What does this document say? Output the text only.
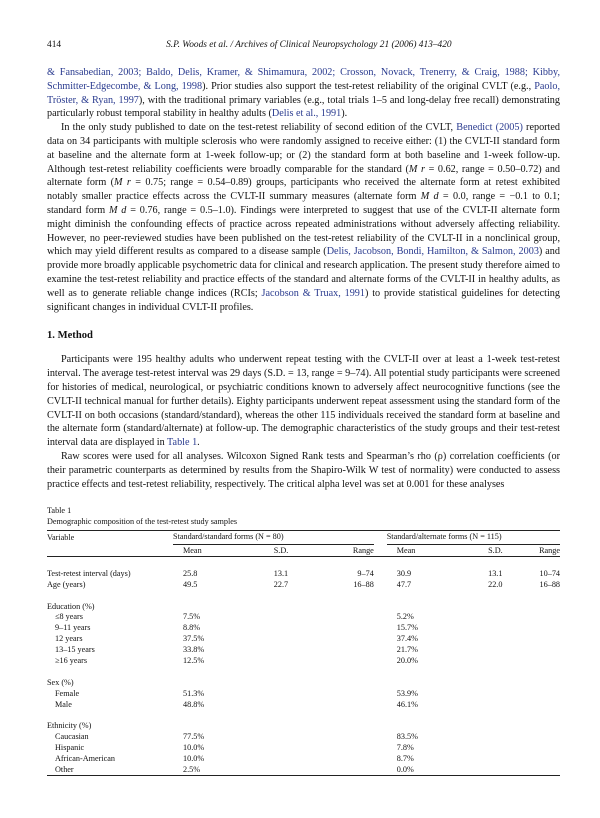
414	S.P. Woods et al. / Archives of Clinical Neuropsychology 21 (2006) 413–420

& Fansabedian, 2003; Baldo, Delis, Kramer, & Shimamura, 2002; Crosson, Novack, Trenerry, & Craig, 1988; Kibby, Schmitter-Edgecombe, & Long, 1998). Prior studies also support the test-retest reliability of the original CVLT (e.g., Paolo, Tröster, & Ryan, 1997), with the traditional primary variables (e.g., total trials 1–5 and long-delay free recall) demonstrating particularly robust temporal stability in healthy adults (Delis et al., 1991).

In the only study published to date on the test-retest reliability of second edition of the CVLT, Benedict (2005) reported data on 34 participants with multiple sclerosis who were randomly assigned to receive either: (1) the CVLT-II standard form at baseline and the alternate form at 1-week follow-up; or (2) the standard form at both baseline and 1-week follow-up. Although test-retest reliability coefficients were broadly comparable for the standard (M r = 0.62, range = 0.50–0.72) and alternate form (M r = 0.75; range = 0.54–0.89) groups, participants who received the alternate form at retest exhibited notably smaller practice effects across the CVLT-II summary measures (alternate form M d = 0.0, range = −0.1 to 0.1; standard form M d = 0.76, range = 0.5–1.0). Findings were interpreted to suggest that use of the CVLT-II alternate form might diminish the confounding effects of practice across repeated administrations without adversely affecting reliability. However, no peer-reviewed studies have been published on the test-retest reliability of the CVLT-II in a nonclinical group, which may yield different results as compared to a disease sample (Delis, Jacobson, Bondi, Hamilton, & Salmon, 2003) and provide more broadly applicable psychometric data for clinical and research application. The present study therefore aimed to examine the test-retest reliability and practice effects of the standard and alternate forms of the CVLT-II in healthy adults, as well as to generate reliable change indices (RCIs; Jacobson & Truax, 1991) to provide statistical guidelines for detecting significant changes in individual CVLT-II profiles.

1. Method

Participants were 195 healthy adults who underwent repeat testing with the CVLT-II over at least a 1-week test-retest interval. The average test-retest interval was 29 days (S.D. = 13, range = 9–74). All potential study participants were screened for histories of medical, neurological, or psychiatric conditions known to adversely affect neurocognitive functions (see the CVLT-II technical manual for further details). Eighty participants underwent repeat assessment using the standard form of the CVLT-II on both occasions (standard/standard), whereas the other 115 individuals received the standard form at baseline and the alternate form (standard/alternate) at follow-up. The demographic characteristics of the study groups and their test-retest interval data are displayed in Table 1.

Raw scores were used for all analyses. Wilcoxon Signed Rank tests and Spearman’s rho (ρ) correlation coefficients (or their parametric counterparts as determined by results from the Shapiro-Wilk W test of normality) were conducted to assess practice effects and test-retest reliability, respectively. The critical alpha level was set at 0.001 for these analyses

Table 1
Demographic composition of the test-retest study samples
Variable	Standard/standard forms (N = 80)				Standard/alternate forms (N = 115)		
	Mean	S.D.	Range		Mean	S.D.	Range

Test-retest interval (days)	25.8	13.1	9–74		30.9	13.1	10–74
Age (years)	49.5	22.7	16–88		47.7	22.0	16–88

Education (%)							
≤8 years	7.5%				5.2%		
9–11 years	8.8%				15.7%		
12 years	37.5%				37.4%		
13–15 years	33.8%				21.7%		
≥16 years	12.5%				20.0%		

Sex (%)							
Female	51.3%				53.9%		
Male	48.8%				46.1%		

Ethnicity (%)							
Caucasian	77.5%				83.5%		
Hispanic	10.0%				7.8%		
African-American	10.0%				8.7%		
Other	2.5%				0.0%		
